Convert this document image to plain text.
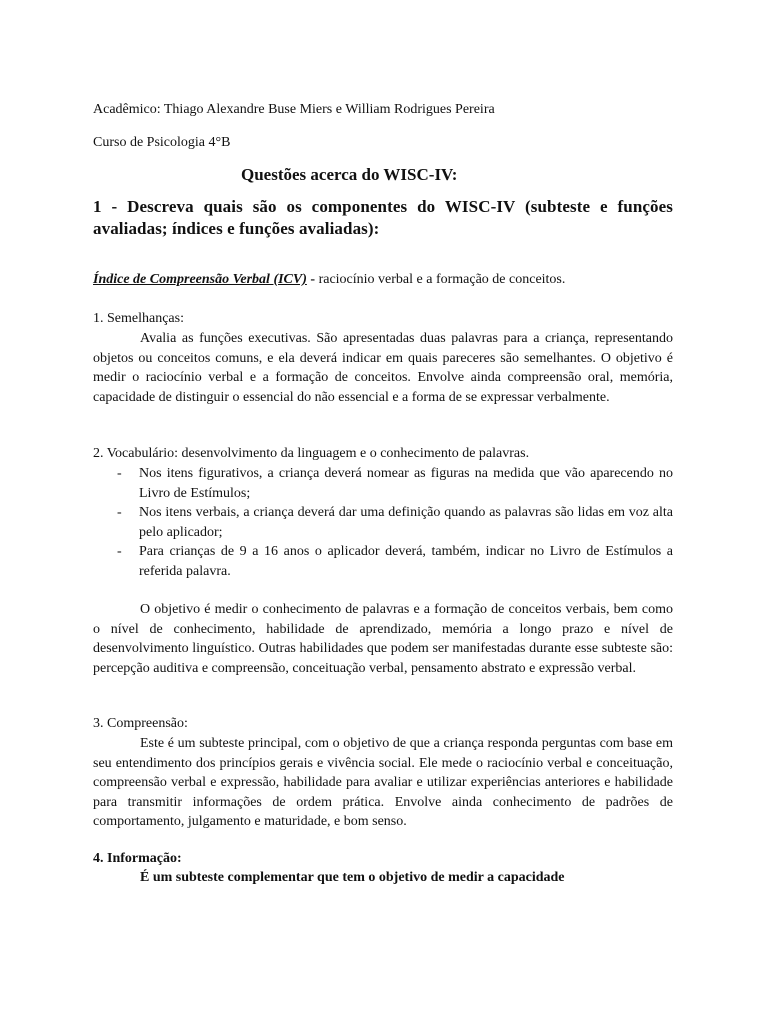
Acadêmico: Thiago Alexandre Buse Miers e William Rodrigues Pereira

Curso de Psicologia 4°B

Questões acerca do WISC-IV:

1 - Descreva quais são os componentes do WISC-IV (subteste e funções avaliadas; índices e funções avaliadas):

Índice de Compreensão Verbal (ICV) - raciocínio verbal e a formação de conceitos.

1. Semelhanças:

Avalia as funções executivas. São apresentadas duas palavras para a criança, representando objetos ou conceitos comuns, e ela deverá indicar em quais pareceres são semelhantes. O objetivo é medir o raciocínio verbal e a formação de conceitos. Envolve ainda compreensão oral, memória, capacidade de distinguir o essencial do não essencial e a forma de se expressar verbalmente.

2. Vocabulário: desenvolvimento da linguagem e o conhecimento de palavras.

- Nos itens figurativos, a criança deverá nomear as figuras na medida que vão aparecendo no Livro de Estímulos;
- Nos itens verbais, a criança deverá dar uma definição quando as palavras são lidas em voz alta pelo aplicador;
- Para crianças de 9 a 16 anos o aplicador deverá, também, indicar no Livro de Estímulos a referida palavra.

O objetivo é medir o conhecimento de palavras e a formação de conceitos verbais, bem como o nível de conhecimento, habilidade de aprendizado, memória a longo prazo e nível de desenvolvimento linguístico. Outras habilidades que podem ser manifestadas durante esse subteste são: percepção auditiva e compreensão, conceituação verbal, pensamento abstrato e expressão verbal.

3. Compreensão:

Este é um subteste principal, com o objetivo de que a criança responda perguntas com base em seu entendimento dos princípios gerais e vivência social. Ele mede o raciocínio verbal e conceituação, compreensão verbal e expressão, habilidade para avaliar e utilizar experiências anteriores e habilidade para transmitir informações de ordem prática. Envolve ainda conhecimento de padrões de comportamento, julgamento e maturidade, e bom senso.

4. Informação:

É um subteste complementar que tem o objetivo de medir a capacidade
